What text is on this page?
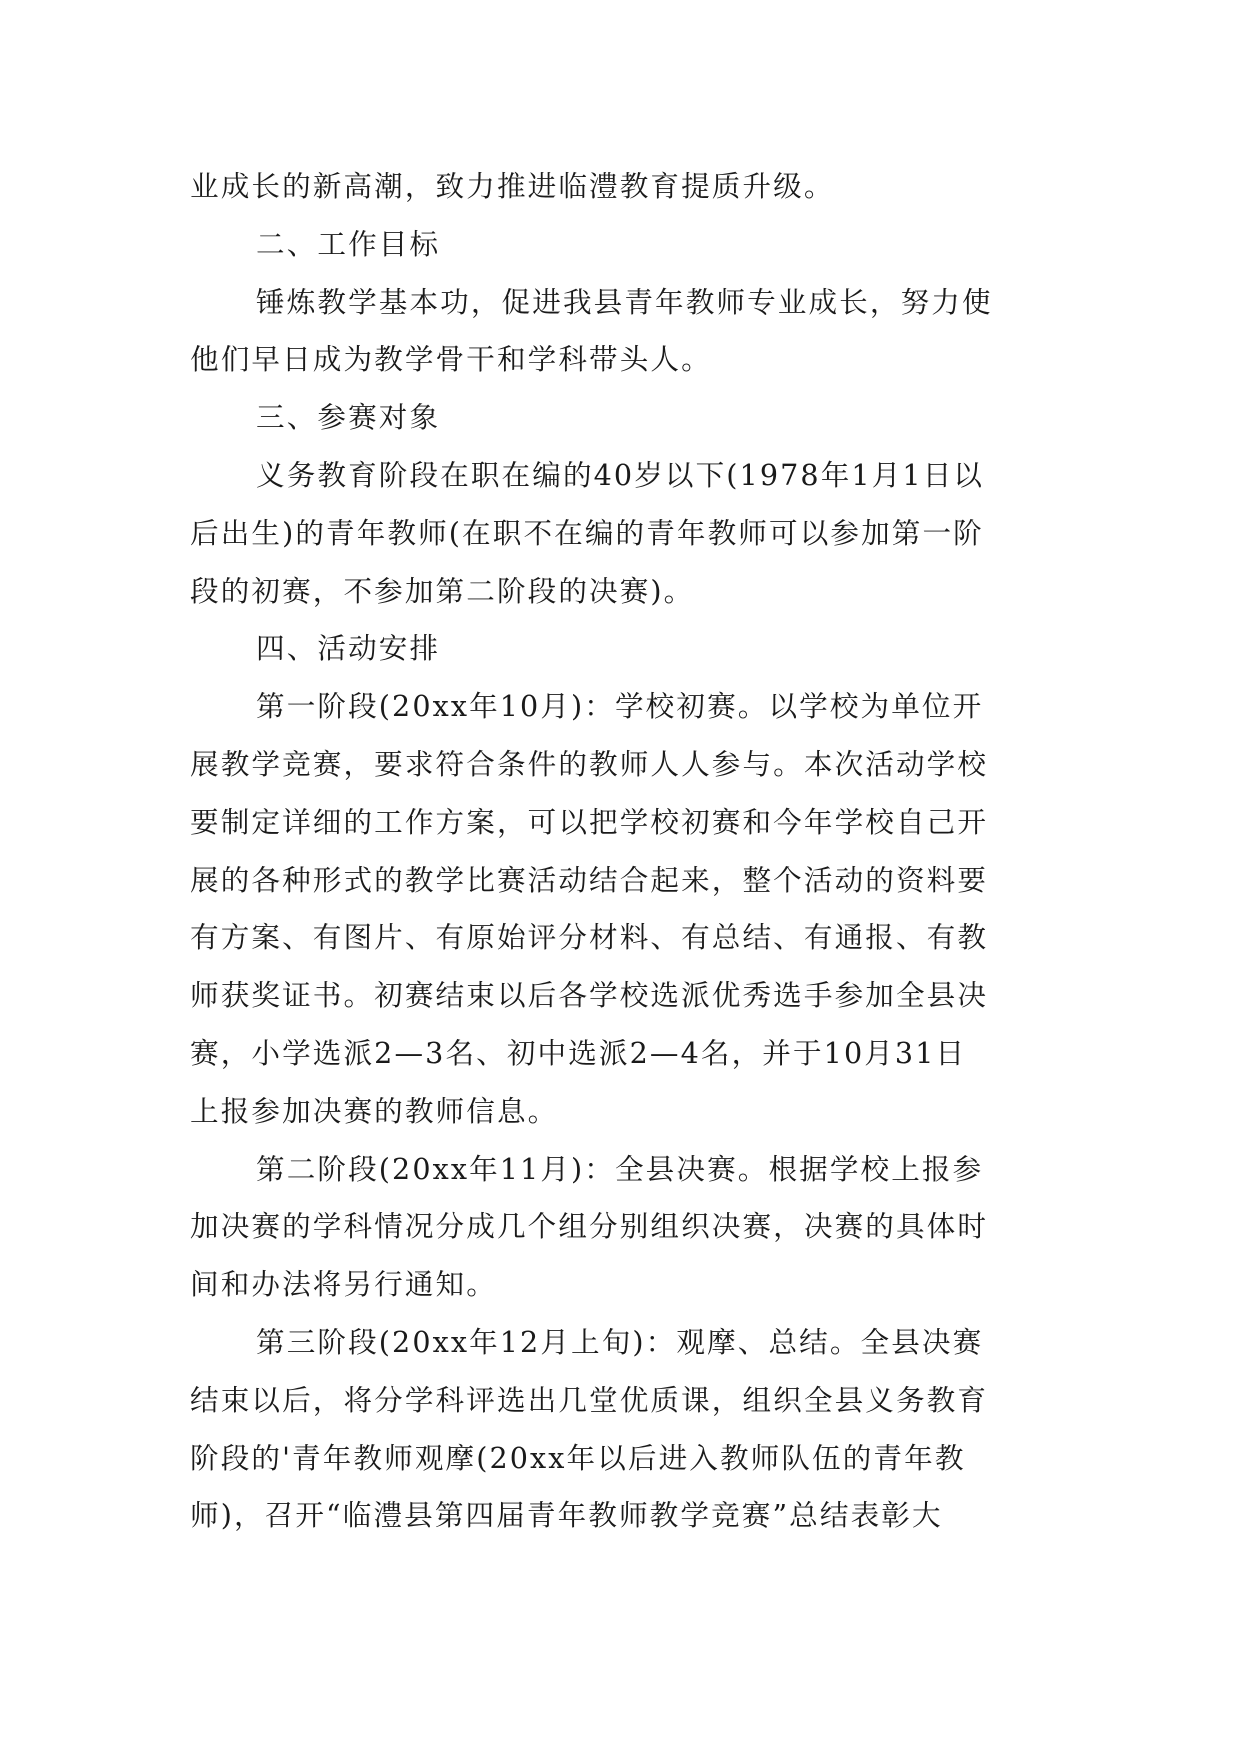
业成长的新高潮，致力推进临澧教育提质升级。
二、工作目标
锤炼教学基本功，促进我县青年教师专业成长，努力使
他们早日成为教学骨干和学科带头人。
三、参赛对象
义务教育阶段在职在编的40岁以下(1978年1月1日以
后出生)的青年教师(在职不在编的青年教师可以参加第一阶
段的初赛，不参加第二阶段的决赛)。
四、活动安排
第一阶段(20xx年10月)：学校初赛。以学校为单位开
展教学竞赛，要求符合条件的教师人人参与。本次活动学校
要制定详细的工作方案，可以把学校初赛和今年学校自己开
展的各种形式的教学比赛活动结合起来，整个活动的资料要
有方案、有图片、有原始评分材料、有总结、有通报、有教
师获奖证书。初赛结束以后各学校选派优秀选手参加全县决
赛，小学选派2—3名、初中选派2—4名，并于10月31日
上报参加决赛的教师信息。
第二阶段(20xx年11月)：全县决赛。根据学校上报参
加决赛的学科情况分成几个组分别组织决赛，决赛的具体时
间和办法将另行通知。
第三阶段(20xx年12月上旬)：观摩、总结。全县决赛
结束以后，将分学科评选出几堂优质课，组织全县义务教育
阶段的'青年教师观摩(20xx年以后进入教师队伍的青年教
师)，召开“临澧县第四届青年教师教学竞赛”总结表彰大
